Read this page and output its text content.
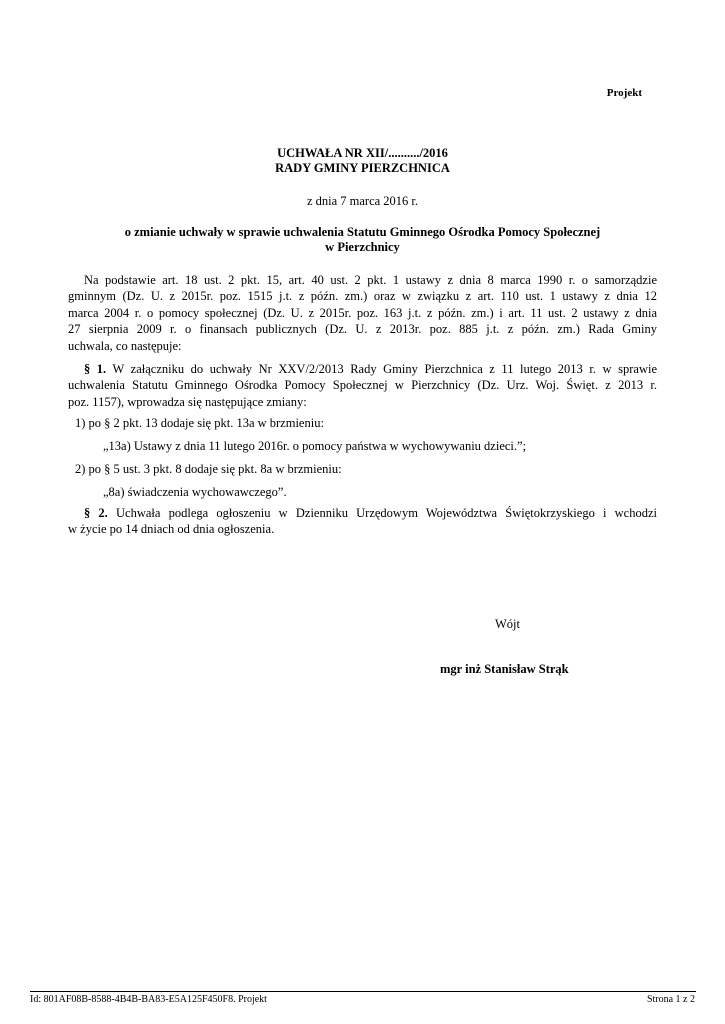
Projekt
UCHWAŁA NR XII/........../2016
RADY GMINY PIERZCHNICA
z dnia 7 marca 2016 r.
o zmianie uchwały w sprawie uchwalenia Statutu Gminnego Ośrodka Pomocy Społecznej
w Pierzchnicy
Na podstawie art. 18 ust. 2 pkt. 15, art. 40 ust. 2 pkt. 1 ustawy z dnia 8 marca 1990 r. o samorządzie
gminnym (Dz. U. z 2015r. poz. 1515 j.t. z późn. zm.) oraz w związku z art. 110 ust. 1 ustawy z dnia 12
marca 2004 r. o pomocy społecznej (Dz. U. z 2015r. poz. 163 j.t. z późn. zm.) i art. 11 ust. 2 ustawy z dnia
27 sierpnia 2009 r. o finansach publicznych (Dz. U. z 2013r. poz. 885 j.t. z późn. zm.) Rada Gminy
uchwala, co następuje:
§ 1. W załączniku do uchwały Nr XXV/2/2013 Rady Gminy Pierzchnica z 11 lutego 2013 r. w sprawie
uchwalenia Statutu Gminnego Ośrodka Pomocy Społecznej w Pierzchnicy (Dz. Urz. Woj. Święt. z 2013 r.
poz. 1157), wprowadza się następujące zmiany:
1) po § 2 pkt. 13 dodaje się pkt. 13a w brzmieniu:
„13a) Ustawy z dnia 11 lutego 2016r. o pomocy państwa w wychowywaniu dzieci.”;
2) po § 5 ust. 3 pkt. 8 dodaje się pkt. 8a w brzmieniu:
„8a) świadczenia wychowawczego”.
§ 2. Uchwała podlega ogłoszeniu w Dzienniku Urzędowym Województwa Świętokrzyskiego i wchodzi
w życie po 14 dniach od dnia ogłoszenia.
Wójt
mgr inż Stanisław Strąk
Id: 801AF08B-8588-4B4B-BA83-E5A125F450F8. Projekt	Strona 1 z 2
